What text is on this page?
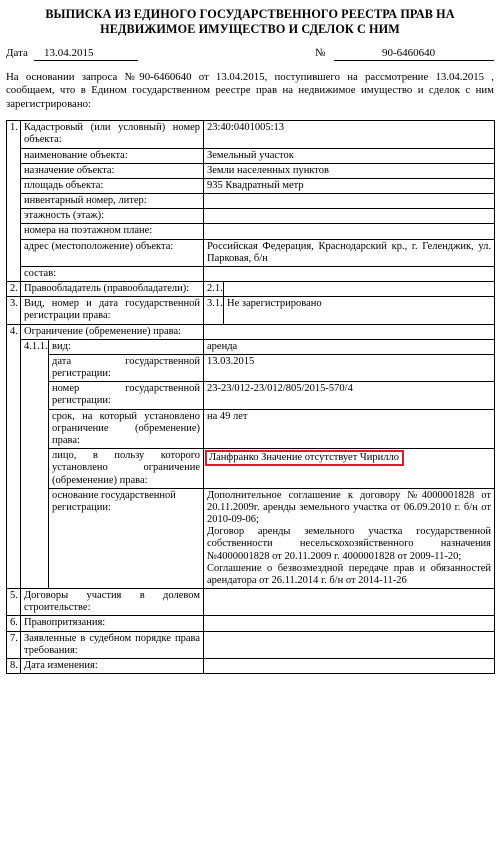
ВЫПИСКА ИЗ ЕДИНОГО ГОСУДАРСТВЕННОГО РЕЕСТРА ПРАВ НА
НЕДВИЖИМОЕ ИМУЩЕСТВО И СДЕЛОК С НИМ
Дата 13.04.2015	№	90-6460640
На основании запроса №90-6460640 от 13.04.2015, поступившего на рассмотрение 13.04.2015 , сообщаем, что в Едином государственном реестре прав на недвижимое имущество и сделок с ним зарегистрировано:
1.	Кадастровый (или условный) номер объекта:		23:40:0401005:13	
	наименование объекта:		Земельный участок	
	назначение объекта:		Земли населенных пунктов	
	площадь объекта:		935 Квадратный метр	
	инвентарный номер, литер:			
	этажность (этаж):			
	номера на поэтажном плане:			
	адрес (местоположение) объекта:		Российская Федерация, Краснодарский кр., г. Геленджик, ул. Парковая, б/н	
	состав:			
2.	Правообладатель (правообладатели):		2.1.	
3.	Вид, номер и дата государственной регистрации права:		3.1.	Не зарегистрировано
4.	Ограничение (обременение) права:			
	4.1.1.	вид:	аренда	
		дата государственной регистрации:	13.03.2015	
		номер государственной регистрации:	23-23/012-23/012/805/2015-570/4	
		срок, на который установлено ограничение (обременение) права:	на 49 лет	
		лицо, в пользу которого установлено ограничение (обременение) права:	Ланфранко Значение отсутствует Чирилло	
		основание государственной регистрации:	Дополнительное соглашение к договору №4000001828 от 20.11.2009г. аренды земельного участка от 06.09.2010 г. б/н от 2010-09-06;
Договор аренды земельного участка государственной собственности несельскохозяйственного назначения №4000001828 от 20.11.2009 г. 4000001828 от 2009-11-20;
Соглашение о безвозмездной передаче прав и обязанностей арендатора от 26.11.2014 г. б/н от 2014-11-26	

5.	Договоры участия в долевом строительстве:			
6.	Правопритязания:			
7.	Заявленные в судебном порядке права требования:			
8.	Дата изменения:			
